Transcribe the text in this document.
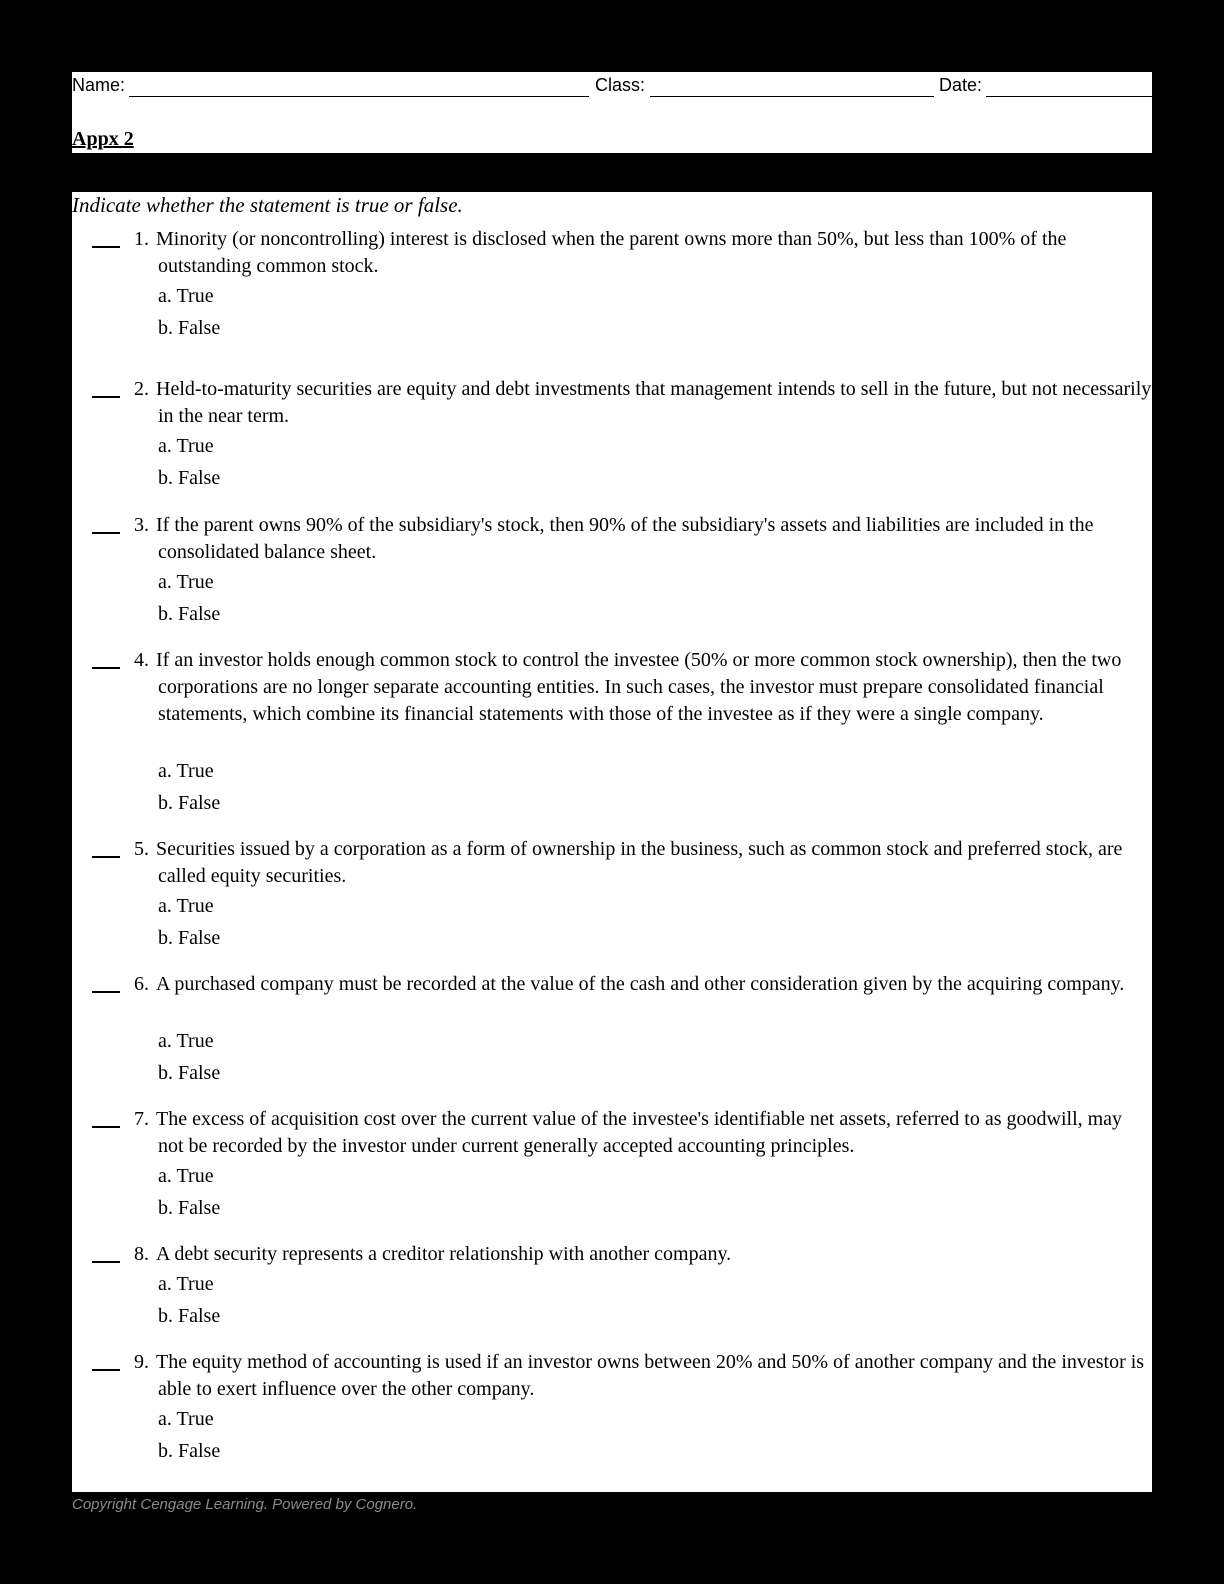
Name:	Class:	Date:
Appx 2
Indicate whether the statement is true or false.
1. Minority (or noncontrolling) interest is disclosed when the parent owns more than 50%, but less than 100% of the outstanding common stock.
a. True
b. False
2. Held-to-maturity securities are equity and debt investments that management intends to sell in the future, but not necessarily in the near term.
a. True
b. False
3. If the parent owns 90% of the subsidiary's stock, then 90% of the subsidiary's assets and liabilities are included in the consolidated balance sheet.
a. True
b. False
4. If an investor holds enough common stock to control the investee (50% or more common stock ownership), then the two corporations are no longer separate accounting entities. In such cases, the investor must prepare consolidated financial statements, which combine its financial statements with those of the investee as if they were a single company.
a. True
b. False
5. Securities issued by a corporation as a form of ownership in the business, such as common stock and preferred stock, are called equity securities.
a. True
b. False
6. A purchased company must be recorded at the value of the cash and other consideration given by the acquiring company.
a. True
b. False
7. The excess of acquisition cost over the current value of the investee's identifiable net assets, referred to as goodwill, may not be recorded by the investor under current generally accepted accounting principles.
a. True
b. False
8. A debt security represents a creditor relationship with another company.
a. True
b. False
9. The equity method of accounting is used if an investor owns between 20% and 50% of another company and the investor is able to exert influence over the other company.
a. True
b. False
Copyright Cengage Learning. Powered by Cognero.
